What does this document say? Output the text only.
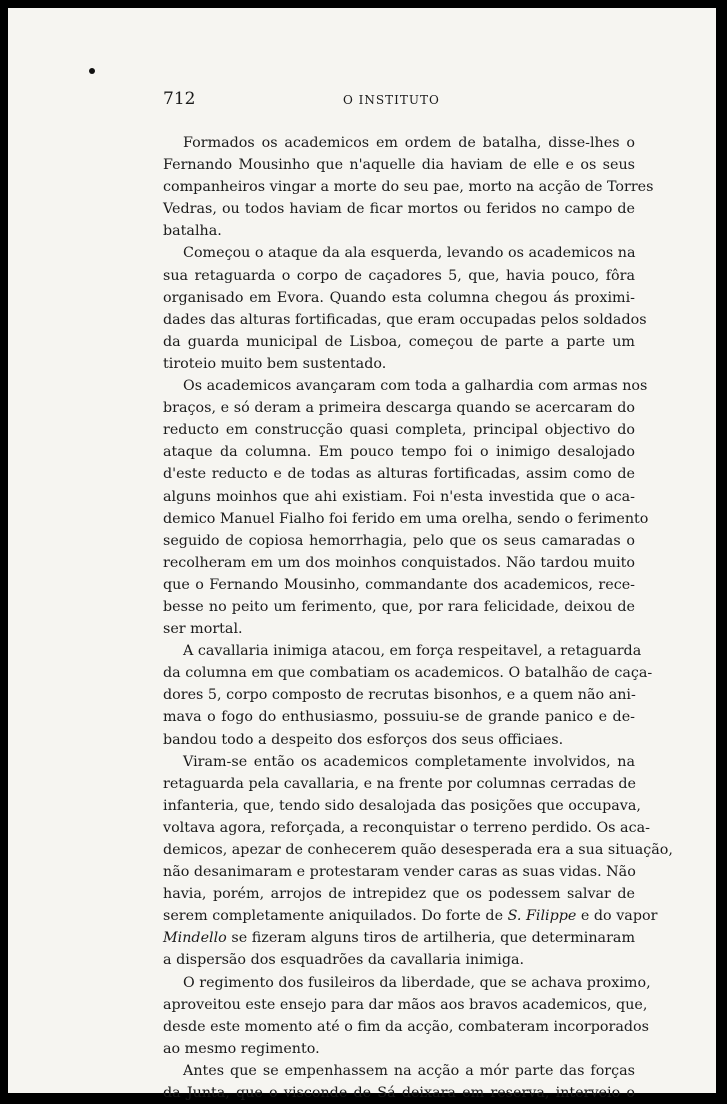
712	O INSTITUTO
Formados os academicos em ordem de batalha, disse-lhes o
Fernando Mousinho que n'aquelle dia haviam de elle e os seus
companheiros vingar a morte do seu pae, morto na acção de Torres
Vedras, ou todos haviam de ficar mortos ou feridos no campo de
batalha.
Começou o ataque da ala esquerda, levando os academicos na
sua retaguarda o corpo de caçadores 5, que, havia pouco, fôra
organisado em Evora. Quando esta columna chegou ás proximi-
dades das alturas fortificadas, que eram occupadas pelos soldados
da guarda municipal de Lisboa, começou de parte a parte um
tiroteio muito bem sustentado.
Os academicos avançaram com toda a galhardia com armas nos
braços, e só deram a primeira descarga quando se acercaram do
reducto em construcção quasi completa, principal objectivo do
ataque da columna. Em pouco tempo foi o inimigo desalojado
d'este reducto e de todas as alturas fortificadas, assim como de
alguns moinhos que ahi existiam. Foi n'esta investida que o aca-
demico Manuel Fialho foi ferido em uma orelha, sendo o ferimento
seguido de copiosa hemorrhagia, pelo que os seus camaradas o
recolheram em um dos moinhos conquistados. Não tardou muito
que o Fernando Mousinho, commandante dos academicos, rece-
besse no peito um ferimento, que, por rara felicidade, deixou de
ser mortal.
A cavallaria inimiga atacou, em força respeitavel, a retaguarda
da columna em que combatiam os academicos. O batalhão de caça-
dores 5, corpo composto de recrutas bisonhos, e a quem não ani-
mava o fogo do enthusiasmo, possuiu-se de grande panico e de-
bandou todo a despeito dos esforços dos seus officiaes.
Viram-se então os academicos completamente involvidos, na
retaguarda pela cavallaria, e na frente por columnas cerradas de
infanteria, que, tendo sido desalojada das posições que occupava,
voltava agora, reforçada, a reconquistar o terreno perdido. Os aca-
demicos, apezar de conhecerem quão desesperada era a sua situação,
não desanimaram e protestaram vender caras as suas vidas. Não
havia, porém, arrojos de intrepidez que os podessem salvar de
serem completamente aniquilados. Do forte de S. Filippe e do vapor
Mindello se fizeram alguns tiros de artilheria, que determinaram
a dispersão dos esquadrões da cavallaria inimiga.
O regimento dos fusileiros da liberdade, que se achava proximo,
aproveitou este ensejo para dar mãos aos bravos academicos, que,
desde este momento até o fim da acção, combateram incorporados
ao mesmo regimento.
Antes que se empenhassem na acção a mór parte das forças
da Junta, que o visconde de Sá deixara em reserva, interveio o
